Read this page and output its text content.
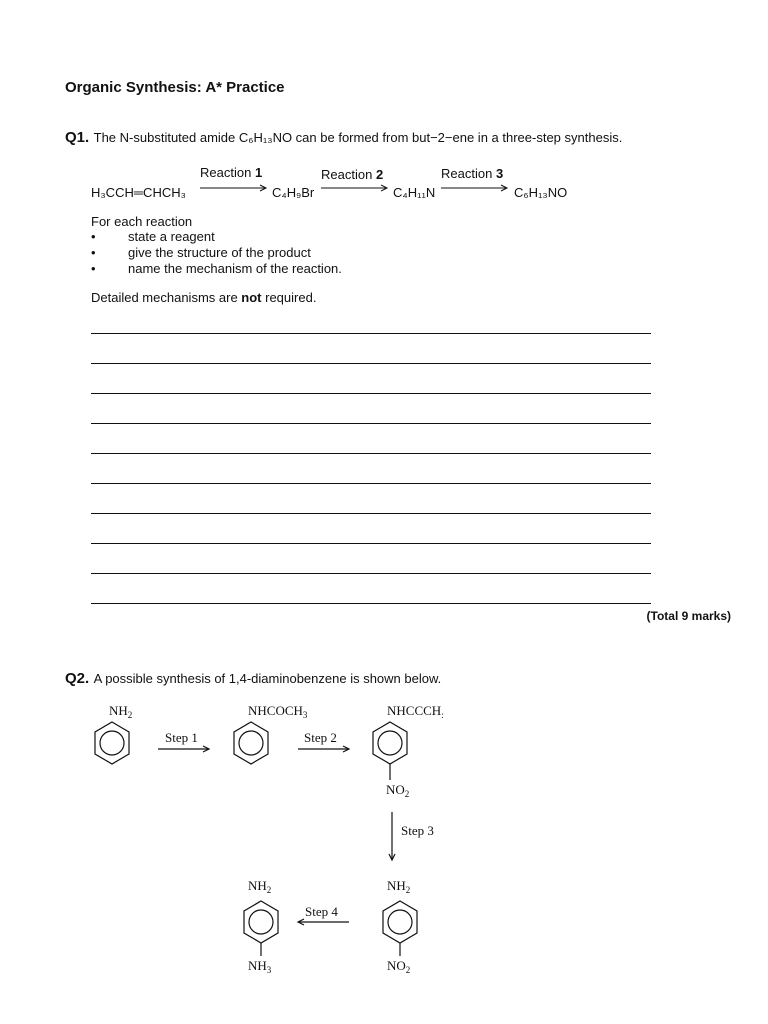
Organic Synthesis: A* Practice
Q1. The N-substituted amide C₆H₁₃NO can be formed from but−2−ene in a three-step synthesis.
H₃CCH═CHCH₃
Reaction 1	Reaction 2	Reaction 3
C₄H₉Br	C₄H₁₁N	C₆H₁₃NO
For each reaction
• state a reagent
• give the structure of the product
• name the mechanism of the reaction.
Detailed mechanisms are not required.
(Total 9 marks)
Q2. A possible synthesis of 1,4-diaminobenzene is shown below.
$NH_2$	$NHCOCH_3$	$NHCCCH_:$
$NO_2$
Step 3
Step 1	Step 2
Step 4
$NH_2$
$NO_2$
$NH_2$
$NH_3$
